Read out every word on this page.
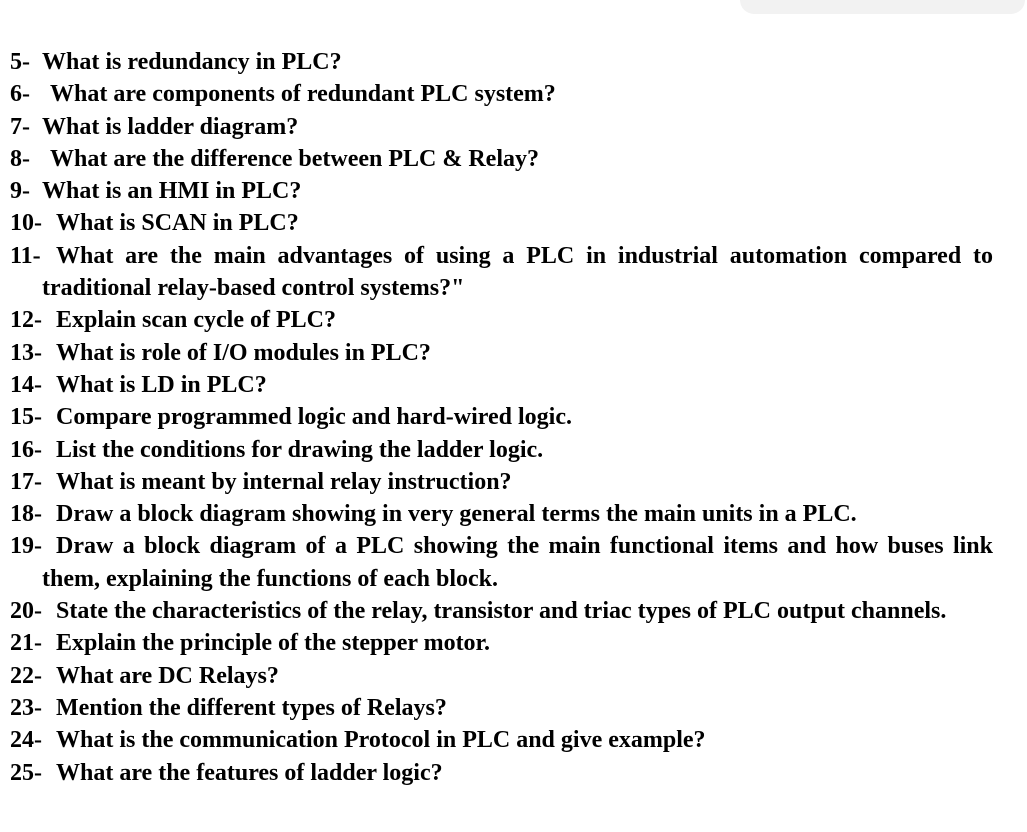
5- What is redundancy in PLC?
6- What are components of redundant PLC system?
7- What is ladder diagram?
8- What are the difference between PLC & Relay?
9- What is an HMI in PLC?
10- What is SCAN in PLC?
11- What are the main advantages of using a PLC in industrial automation compared to traditional relay-based control systems?"
12- Explain scan cycle of PLC?
13- What is role of I/O modules in PLC?
14- What is LD in PLC?
15- Compare programmed logic and hard-wired logic.
16- List the conditions for drawing the ladder logic.
17- What is meant by internal relay instruction?
18- Draw a block diagram showing in very general terms the main units in a PLC.
19- Draw a block diagram of a PLC showing the main functional items and how buses link them, explaining the functions of each block.
20- State the characteristics of the relay, transistor and triac types of PLC output channels.
21- Explain the principle of the stepper motor.
22- What are DC Relays?
23- Mention the different types of Relays?
24- What is the communication Protocol in PLC and give example?
25- What are the features of ladder logic?
